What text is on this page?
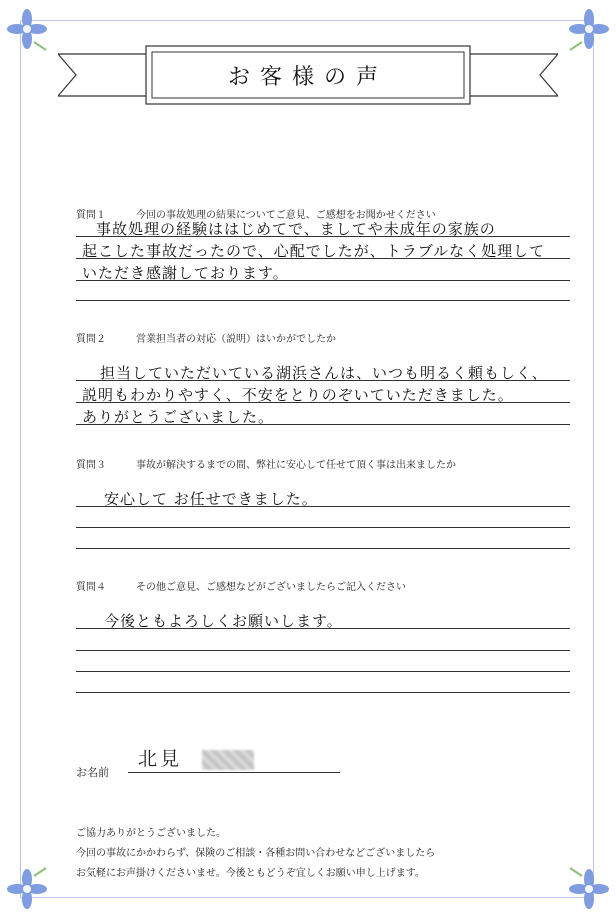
お客様の声
質問１	今回の事故処理の結果についてご意見、ご感想をお聞かせください
事故処理の経験ははじめてで、ましてや未成年の家族の
起こした事故だったので、心配でしたが、トラブルなく処理して
いただき感謝しております。
質問２	営業担当者の対応（説明）はいかがでしたか
担当していただいている湖浜さんは、いつも明るく頼もしく、
説明もわかりやすく、不安をとりのぞいていただきました。
ありがとうございました。
質問３	事故が解決するまでの間、弊社に安心して任せて頂く事は出来ましたか
安心して お任せできました。
質問４	その他ご意見、ご感想などがございましたらご記入ください
今後ともよろしくお願いします。
お名前
北見
ご協力ありがとうございました。
今回の事故にかかわらず、保険のご相談・各種お問い合わせなどございましたら
お気軽にお声掛けくださいませ。今後ともどうぞ宜しくお願い申し上げます。
